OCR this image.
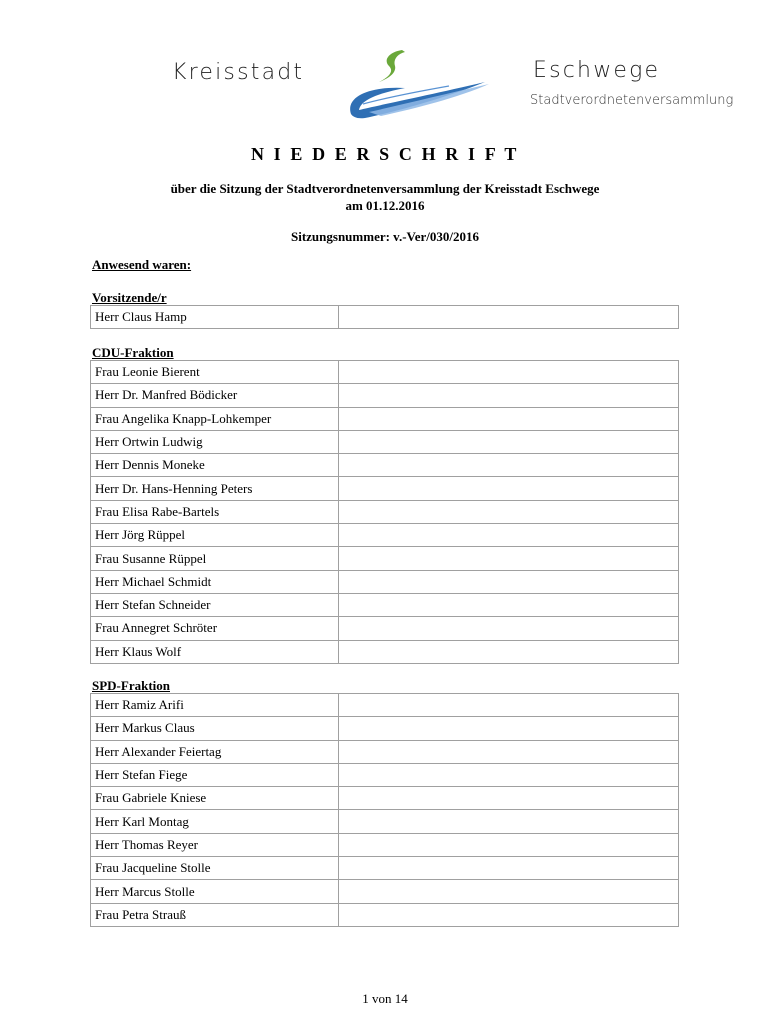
Kreisstadt	Eschwege
Stadtverordnetenversammlung
N I E D E R S C H R I F T
über die Sitzung der Stadtverordnetenversammlung der Kreisstadt Eschwege
am 01.12.2016
Sitzungsnummer: v.-Ver/030/2016
Anwesend waren:
Vorsitzende/r
Herr Claus Hamp	
CDU-Fraktion
Frau Leonie Bierent	
Herr Dr. Manfred Bödicker	
Frau Angelika Knapp-Lohkemper	
Herr Ortwin Ludwig	
Herr Dennis Moneke	
Herr Dr. Hans-Henning Peters	
Frau Elisa Rabe-Bartels	
Herr Jörg Rüppel	
Frau Susanne Rüppel	
Herr Michael Schmidt	
Herr Stefan Schneider	
Frau Annegret Schröter	
Herr Klaus Wolf	
SPD-Fraktion
Herr Ramiz Arifi	
Herr Markus Claus	
Herr Alexander Feiertag	
Herr Stefan Fiege	
Frau Gabriele Kniese	
Herr Karl Montag	
Herr Thomas Reyer	
Frau Jacqueline Stolle	
Herr Marcus Stolle	
Frau Petra Strauß	
1 von 14
